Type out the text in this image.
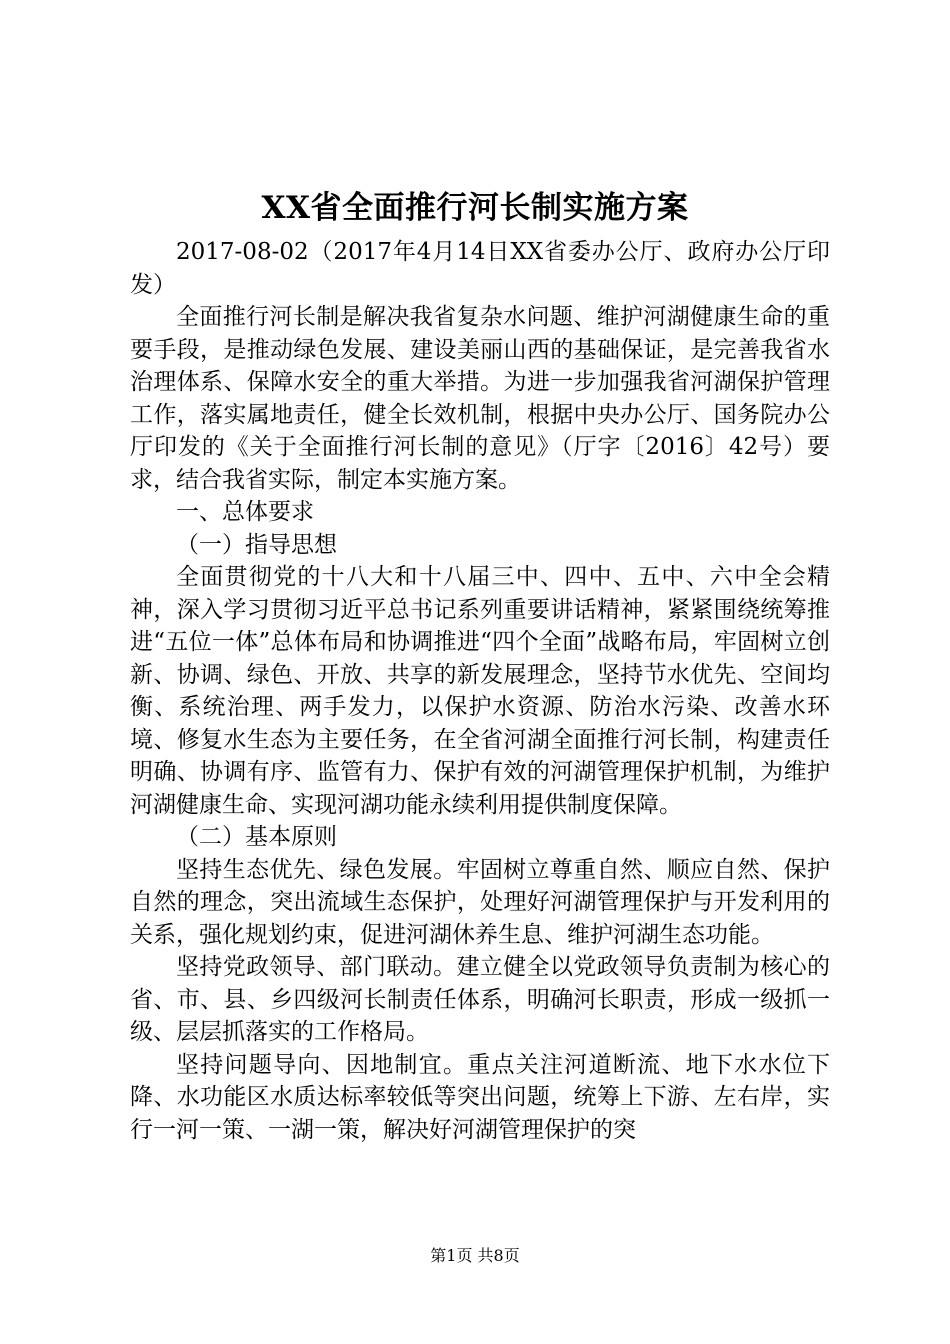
XX省全面推行河长制实施方案

2017-08-02（2017年4月14日XX省委办公厅、政府办公厅印发）

全面推行河长制是解决我省复杂水问题、维护河湖健康生命的重要手段，是推动绿色发展、建设美丽山西的基础保证，是完善我省水治理体系、保障水安全的重大举措。为进一步加强我省河湖保护管理工作，落实属地责任，健全长效机制，根据中央办公厅、国务院办公厅印发的《关于全面推行河长制的意见》（厅字〔2016〕42号）要求，结合我省实际，制定本实施方案。

一、总体要求

（一）指导思想

全面贯彻党的十八大和十八届三中、四中、五中、六中全会精神，深入学习贯彻习近平总书记系列重要讲话精神，紧紧围绕统筹推进“五位一体”总体布局和协调推进“四个全面”战略布局，牢固树立创新、协调、绿色、开放、共享的新发展理念，坚持节水优先、空间均衡、系统治理、两手发力，以保护水资源、防治水污染、改善水环境、修复水生态为主要任务，在全省河湖全面推行河长制，构建责任明确、协调有序、监管有力、保护有效的河湖管理保护机制，为维护河湖健康生命、实现河湖功能永续利用提供制度保障。

（二）基本原则

坚持生态优先、绿色发展。牢固树立尊重自然、顺应自然、保护自然的理念，突出流域生态保护，处理好河湖管理保护与开发利用的关系，强化规划约束，促进河湖休养生息、维护河湖生态功能。

坚持党政领导、部门联动。建立健全以党政领导负责制为核心的省、市、县、乡四级河长制责任体系，明确河长职责，形成一级抓一级、层层抓落实的工作格局。

坚持问题导向、因地制宜。重点关注河道断流、地下水水位下降、水功能区水质达标率较低等突出问题，统筹上下游、左右岸，实行一河一策、一湖一策，解决好河湖管理保护的突

第1页 共8页
